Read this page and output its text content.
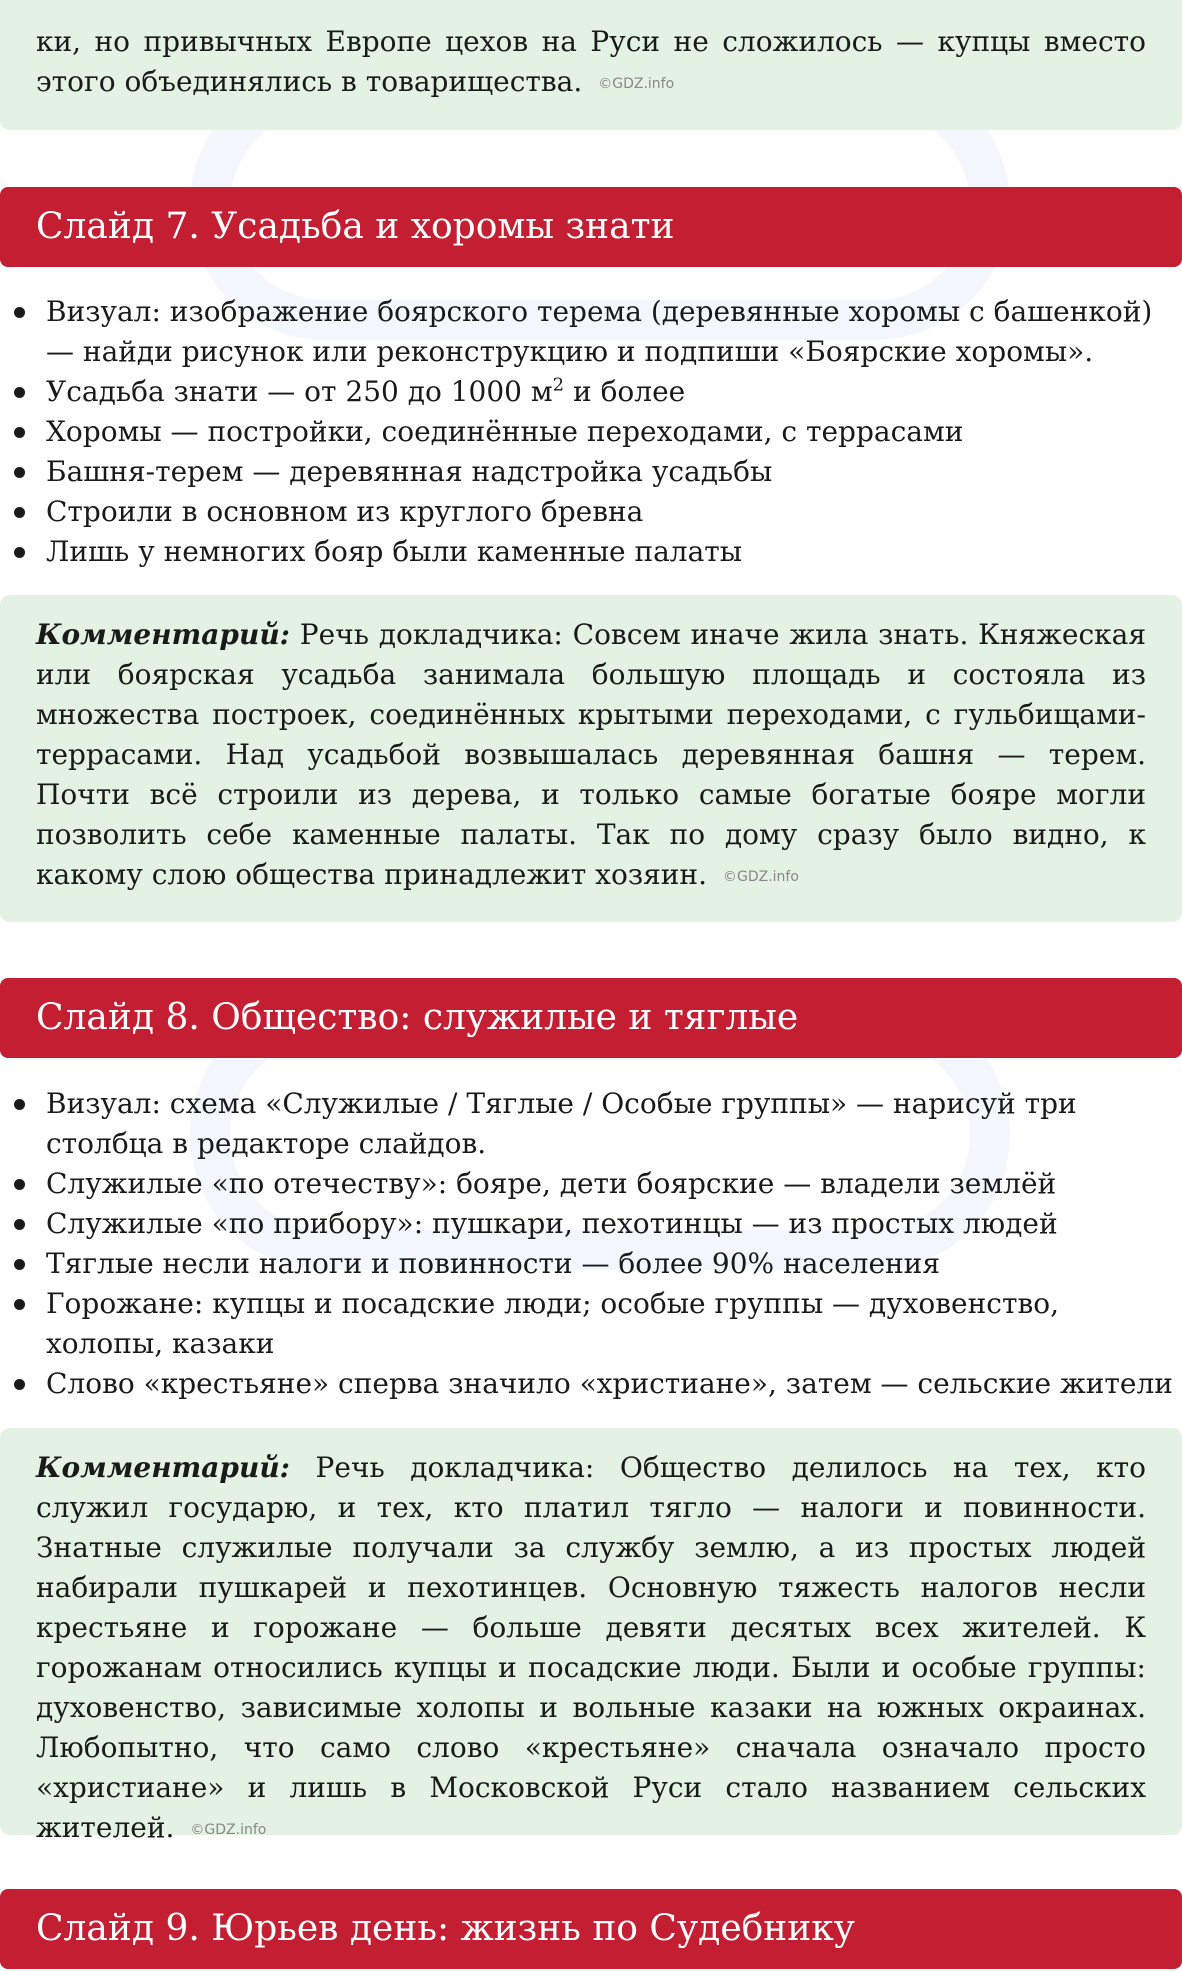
ки, но привычных Европе цехов на Руси не сложилось — купцы вместо этого объединялись в товарищества. ©GDZ.info
Слайд 7. Усадьба и хоромы знати
Визуал: изображение боярского терема (деревянные хоромы с башенкой) — найди рисунок или реконструкцию и подпиши «Боярские хоромы».
Усадьба знати — от 250 до 1000 $м^2$ и более
Хоромы — постройки, соединённые переходами, с террасами
Башня-терем — деревянная надстройка усадьбы
Строили в основном из круглого бревна
Лишь у немногих бояр были каменные палаты
Комментарий: Речь докладчика: Совсем иначе жила знать. Княжеская или боярская усадьба занимала большую площадь и состояла из множества построек, соединённых крытыми переходами, с гульбищами-террасами. Над усадьбой возвышалась деревянная башня — терем. Почти всё строили из дерева, и только самые богатые бояре могли позволить себе каменные палаты. Так по дому сразу было видно, к какому слою общества принадлежит хозяин. ©GDZ.info
Слайд 8. Общество: служилые и тяглые
Визуал: схема «Служилые / Тяглые / Особые группы» — нарисуй три столбца в редакторе слайдов.
Служилые «по отечеству»: бояре, дети боярские — владели землёй
Служилые «по прибору»: пушкари, пехотинцы — из простых людей
Тяглые несли налоги и повинности — более 90% населения
Горожане: купцы и посадские люди; особые группы — духовенство, холопы, казаки
Слово «крестьяне» сперва значило «христиане», затем — сельские жители
Комментарий: Речь докладчика: Общество делилось на тех, кто служил государю, и тех, кто платил тягло — налоги и повинности. Знатные служилые получали за службу землю, а из простых людей набирали пушкарей и пехотинцев. Основную тяжесть налогов несли крестьяне и горожане — больше девяти десятых всех жителей. К горожанам относились купцы и посадские люди. Были и особые группы: духовенство, зависимые холопы и вольные казаки на южных окраинах. Любопытно, что само слово «крестьяне» сначала означало просто «христиане» и лишь в Московской Руси стало названием сельских жителей. ©GDZ.info
Слайд 9. Юрьев день: жизнь по Судебнику
